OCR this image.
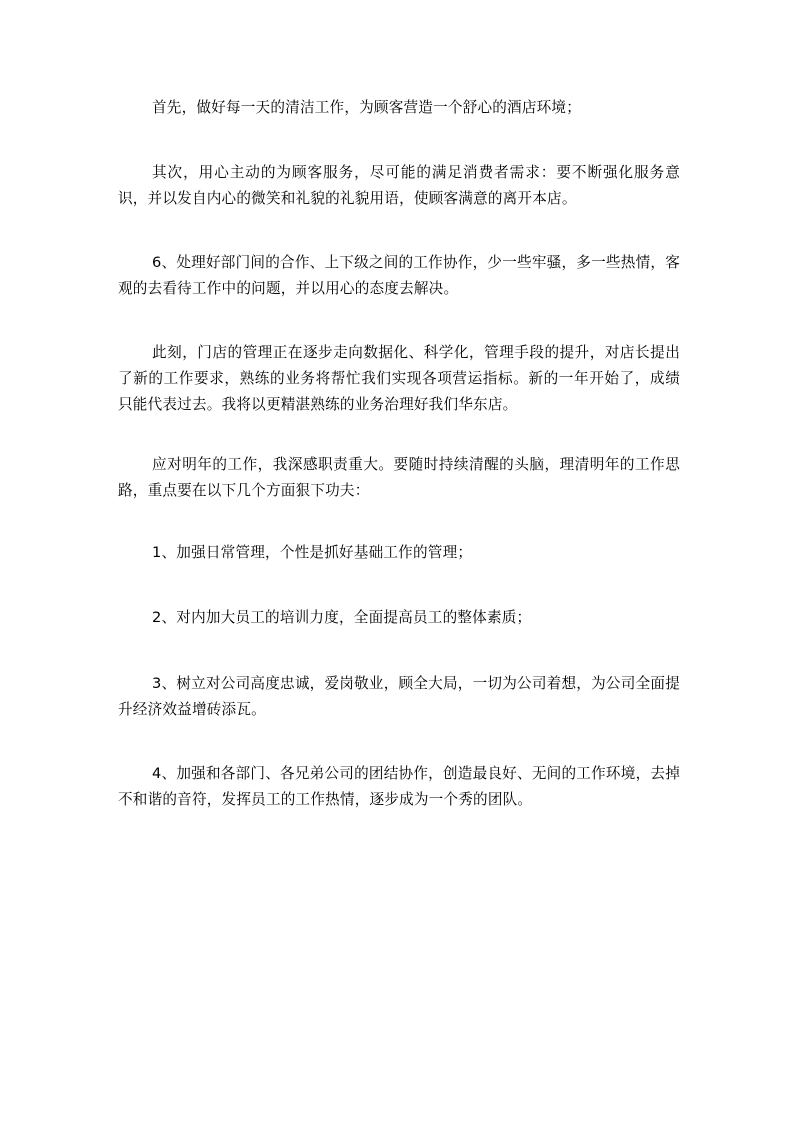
首先，做好每一天的清洁工作，为顾客营造一个舒心的酒店环境；

其次，用心主动的为顾客服务，尽可能的满足消费者需求：要不断强化服务意识，并以发自内心的微笑和礼貌的礼貌用语，使顾客满意的离开本店。

6、处理好部门间的合作、上下级之间的工作协作，少一些牢骚，多一些热情，客观的去看待工作中的问题，并以用心的态度去解决。

此刻，门店的管理正在逐步走向数据化、科学化，管理手段的提升，对店长提出了新的工作要求，熟练的业务将帮忙我们实现各项营运指标。新的一年开始了，成绩只能代表过去。我将以更精湛熟练的业务治理好我们华东店。

应对明年的工作，我深感职责重大。要随时持续清醒的头脑，理清明年的工作思路，重点要在以下几个方面狠下功夫：

1、加强日常管理，个性是抓好基础工作的管理；

2、对内加大员工的培训力度，全面提高员工的整体素质；

3、树立对公司高度忠诚，爱岗敬业，顾全大局，一切为公司着想，为公司全面提升经济效益增砖添瓦。

4、加强和各部门、各兄弟公司的团结协作，创造最良好、无间的工作环境，去掉不和谐的音符，发挥员工的工作热情，逐步成为一个秀的团队。
